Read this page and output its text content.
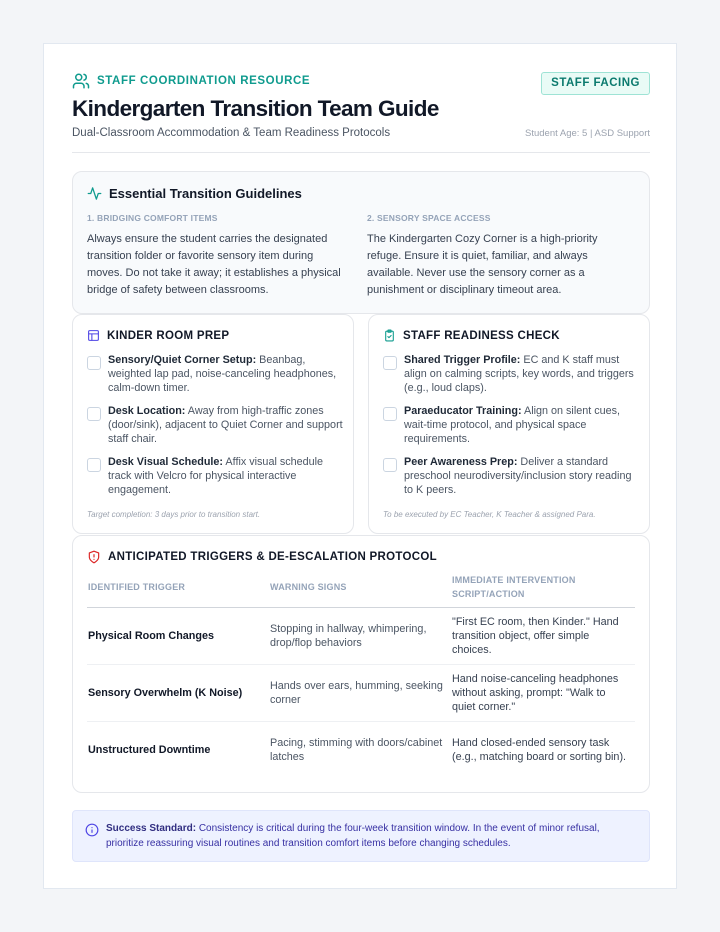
STAFF COORDINATION RESOURCE
Kindergarten Transition Team Guide
Dual-Classroom Accommodation & Team Readiness Protocols
STAFF FACING
Student Age: 5 | ASD Support
Essential Transition Guidelines
1. BRIDGING COMFORT ITEMS
Always ensure the student carries the designated transition folder or favorite sensory item during moves. Do not take it away; it establishes a physical bridge of safety between classrooms.
2. SENSORY SPACE ACCESS
The Kindergarten Cozy Corner is a high-priority refuge. Ensure it is quiet, familiar, and always available. Never use the sensory corner as a punishment or disciplinary timeout area.
KINDER ROOM PREP
Sensory/Quiet Corner Setup: Beanbag, weighted lap pad, noise-canceling headphones, calm-down timer.
Desk Location: Away from high-traffic zones (door/sink), adjacent to Quiet Corner and support staff chair.
Desk Visual Schedule: Affix visual schedule track with Velcro for physical interactive engagement.
Target completion: 3 days prior to transition start.
STAFF READINESS CHECK
Shared Trigger Profile: EC and K staff must align on calming scripts, key words, and triggers (e.g., loud claps).
Paraeducator Training: Align on silent cues, wait-time protocol, and physical space requirements.
Peer Awareness Prep: Deliver a standard preschool neurodiversity/inclusion story reading to K peers.
To be executed by EC Teacher, K Teacher & assigned Para.
ANTICIPATED TRIGGERS & DE-ESCALATION PROTOCOL
IDENTIFIED TRIGGER	WARNING SIGNS	IMMEDIATE INTERVENTION SCRIPT/ACTION
Physical Room Changes	Stopping in hallway, whimpering, drop/flop behaviors	"First EC room, then Kinder." Hand transition object, offer simple choices.
Sensory Overwhelm (K Noise)	Hands over ears, humming, seeking corner	Hand noise-canceling headphones without asking, prompt: "Walk to quiet corner."
Unstructured Downtime	Pacing, stimming with doors/cabinet latches	Hand closed-ended sensory task (e.g., matching board or sorting bin).
Success Standard: Consistency is critical during the four-week transition window. In the event of minor refusal, prioritize reassuring visual routines and transition comfort items before changing schedules.
